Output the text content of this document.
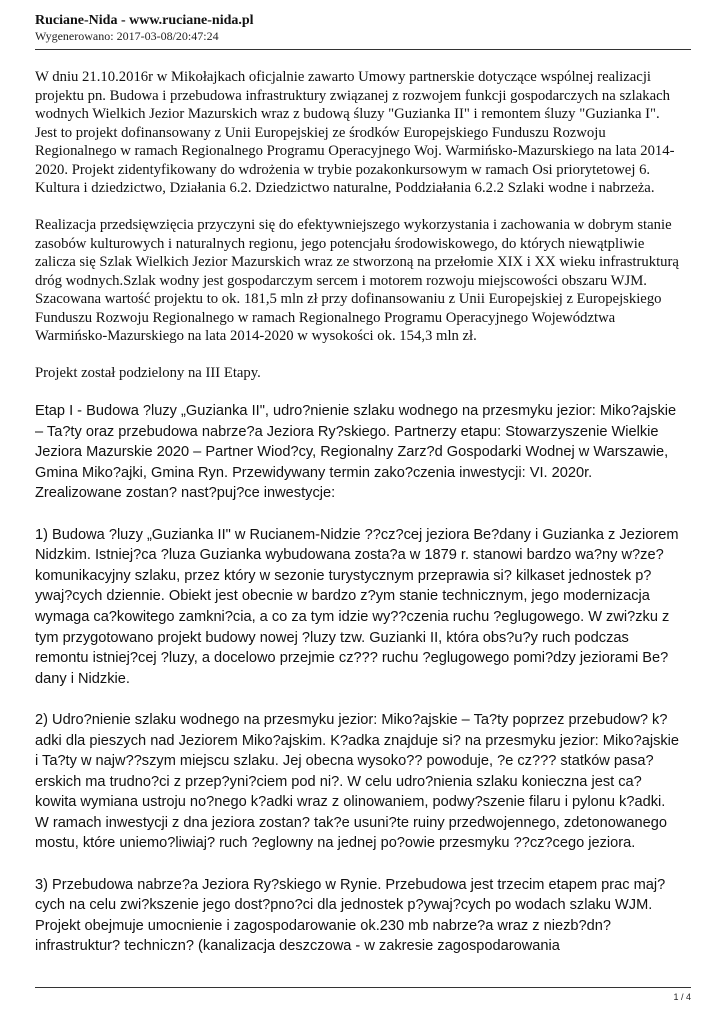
Ruciane-Nida - www.ruciane-nida.pl
Wygenerowano: 2017-03-08/20:47:24

W dniu 21.10.2016r w Mikołajkach oficjalnie zawarto Umowy partnerskie dotyczące wspólnej realizacji projektu pn. Budowa i przebudowa infrastruktury związanej z rozwojem funkcji gospodarczych na szlakach wodnych Wielkich Jezior Mazurskich wraz z budową śluzy "Guzianka II" i remontem śluzy "Guzianka I". Jest to projekt dofinansowany z Unii Europejskiej ze środków Europejskiego Funduszu Rozwoju Regionalnego w ramach Regionalnego Programu Operacyjnego Woj. Warmińsko-Mazurskiego na lata 2014-2020. Projekt zidentyfikowany do wdrożenia w trybie pozakonkursowym w ramach Osi priorytetowej 6. Kultura i dziedzictwo, Działania 6.2. Dziedzictwo naturalne, Poddziałania 6.2.2 Szlaki wodne i nabrzeża.

Realizacja przedsięwzięcia przyczyni się do efektywniejszego wykorzystania i zachowania w dobrym stanie zasobów kulturowych i naturalnych regionu, jego potencjału środowiskowego, do których niewątpliwie zalicza się Szlak Wielkich Jezior Mazurskich wraz ze stworzoną na przełomie XIX i XX wieku infrastrukturą dróg wodnych.Szlak wodny jest gospodarczym sercem i motorem rozwoju miejscowości obszaru WJM. Szacowana wartość projektu to ok. 181,5 mln zł przy dofinansowaniu z Unii Europejskiej z Europejskiego Funduszu Rozwoju Regionalnego w ramach Regionalnego Programu Operacyjnego Województwa Warmińsko-Mazurskiego na lata 2014-2020 w wysokości ok. 154,3 mln zł.

Projekt został podzielony na III Etapy.

Etap I - Budowa ?luzy „Guzianka II", udro?nienie szlaku wodnego na przesmyku jezior: Miko?ajskie – Ta?ty oraz przebudowa nabrze?a Jeziora Ry?skiego. Partnerzy etapu: Stowarzyszenie Wielkie Jeziora Mazurskie 2020 – Partner Wiod?cy, Regionalny Zarz?d Gospodarki Wodnej w Warszawie, Gmina Miko?ajki, Gmina Ryn. Przewidywany termin zako?czenia inwestycji: VI. 2020r. Zrealizowane zostan? nast?puj?ce inwestycje:

1) Budowa ?luzy „Guzianka II" w Rucianem-Nidzie ??cz?cej jeziora Be?dany i Guzianka z Jeziorem Nidzkim. Istniej?ca ?luza Guzianka wybudowana zosta?a w 1879 r. stanowi bardzo wa?ny w?ze? komunikacyjny szlaku, przez który w sezonie turystycznym przeprawia si? kilkaset jednostek p?ywaj?cych dziennie. Obiekt jest obecnie w bardzo z?ym stanie technicznym, jego modernizacja wymaga ca?kowitego zamkni?cia, a co za tym idzie wy??czenia ruchu ?eglugowego. W zwi?zku z tym przygotowano projekt budowy nowej ?luzy tzw. Guzianki II, która obs?u?y ruch podczas remontu istniej?cej ?luzy, a docelowo przejmie cz??? ruchu ?eglugowego pomi?dzy jeziorami Be?dany i Nidzkie.

2) Udro?nienie szlaku wodnego na przesmyku jezior: Miko?ajskie – Ta?ty poprzez przebudow? k?adki dla pieszych nad Jeziorem Miko?ajskim. K?adka znajduje si? na przesmyku jezior: Miko?ajskie i Ta?ty w najw??szym miejscu szlaku. Jej obecna wysoko?? powoduje, ?e cz??? statków pasa?erskich ma trudno?ci z przep?yni?ciem pod ni?. W celu udro?nienia szlaku konieczna jest ca?kowita wymiana ustroju no?nego k?adki wraz z olinowaniem, podwy?szenie filaru i pylonu k?adki. W ramach inwestycji z dna jeziora zostan? tak?e usuni?te ruiny przedwojennego, zdetonowanego mostu, które uniemo?liwiaj? ruch ?eglowny na jednej po?owie przesmyku ??cz?cego jeziora.

3) Przebudowa nabrze?a Jeziora Ry?skiego w Rynie. Przebudowa jest trzecim etapem prac maj?cych na celu zwi?kszenie jego dost?pno?ci dla jednostek p?ywaj?cych po wodach szlaku WJM. Projekt obejmuje umocnienie i zagospodarowanie ok.230 mb nabrze?a wraz z niezb?dn? infrastruktur? techniczn? (kanalizacja deszczowa - w zakresie zagospodarowania

1 / 4
